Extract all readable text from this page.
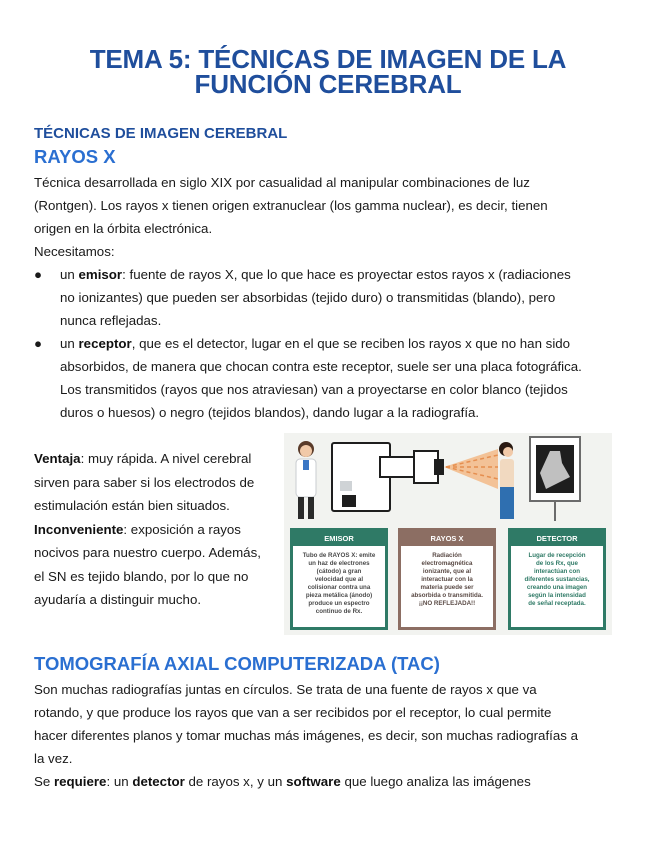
TEMA 5: TÉCNICAS DE IMAGEN DE LA
FUNCIÓN CEREBRAL
TÉCNICAS DE IMAGEN CEREBRAL
RAYOS X
Técnica desarrollada en siglo XIX por casualidad al manipular combinaciones de luz
(Rontgen). Los rayos x tienen origen extranuclear (los gamma nuclear), es decir, tienen
origen en la órbita electrónica.
Necesitamos:
● un emisor: fuente de rayos X, que lo que hace es proyectar estos rayos x (radiaciones
no ionizantes) que pueden ser absorbidas (tejido duro) o transmitidas (blando), pero
nunca reflejadas.
● un receptor, que es el detector, lugar en el que se reciben los rayos x que no han sido
absorbidos, de manera que chocan contra este receptor, suele ser una placa fotográfica.
Los transmitidos (rayos que nos atraviesan) van a proyectarse en color blanco (tejidos
duros o huesos) o negro (tejidos blandos), dando lugar a la radiografía.
Ventaja: muy rápida. A nivel cerebral
sirven para saber si los electrodos de
estimulación están bien situados.
Inconveniente: exposición a rayos
nocivos para nuestro cuerpo. Además,
el SN es tejido blando, por lo que no
ayudaría a distinguir mucho.
EMISOR
Tubo de RAYOS X: emite
un haz de electrones
(cátodo) a gran
velocidad que al
colisionar contra una
pieza metálica (ánodo)
produce un espectro
continuo de Rx.
RAYOS X
Radiación
electromagnética
ionizante, que al
interactuar con la
materia puede ser
absorbida o transmitida.
¡¡NO REFLEJADA!!
DETECTOR
Lugar de recepción
de los Rx, que
interactúan con
diferentes sustancias,
creando una imagen
según la intensidad
de señal receptada.
TOMOGRAFÍA AXIAL COMPUTERIZADA (TAC)
Son muchas radiografías juntas en círculos. Se trata de una fuente de rayos x que va
rotando, y que produce los rayos que van a ser recibidos por el receptor, lo cual permite
hacer diferentes planos y tomar muchas más imágenes, es decir, son muchas radiografías a
la vez.
Se requiere: un detector de rayos x, y un software que luego analiza las imágenes
